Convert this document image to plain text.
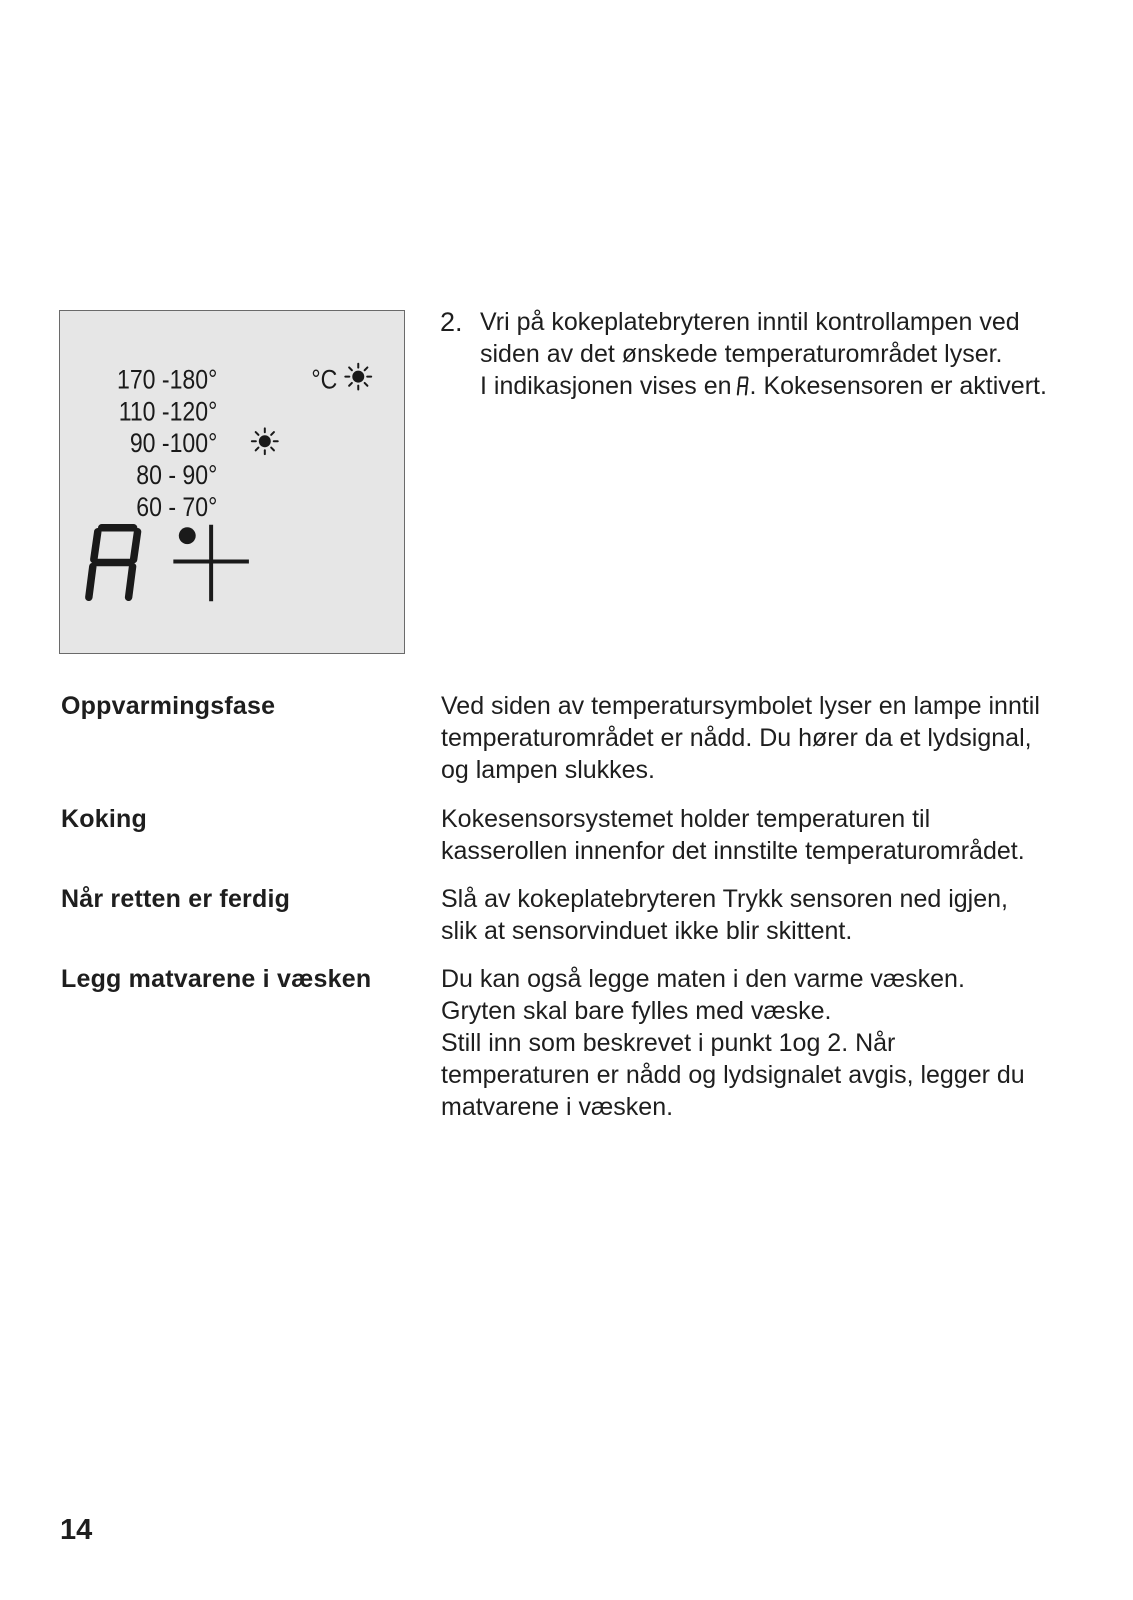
170 -180°
110 -120°
90 -100°
80 - 90°
60 - 70°
°C
2. Vri på kokeplatebryteren inntil kontrollampen ved
siden av det ønskede temperaturområdet lyser.
I indikasjonen vises en . Kokesensoren er aktivert.
Oppvarmingsfase	Ved siden av temperatursymbolet lyser en lampe inntil
temperaturområdet er nådd. Du hører da et lydsignal,
og lampen slukkes.
Koking	Kokesensorsystemet holder temperaturen til
kasserollen innenfor det innstilte temperaturområdet.
Når retten er ferdig	Slå av kokeplatebryteren Trykk sensoren ned igjen,
slik at sensorvinduet ikke blir skittent.
Legg matvarene i væsken	Du kan også legge maten i den varme væsken.
Gryten skal bare fylles med væske.
Still inn som beskrevet i punkt 1og 2. Når
temperaturen er nådd og lydsignalet avgis, legger du
matvarene i væsken.
14
